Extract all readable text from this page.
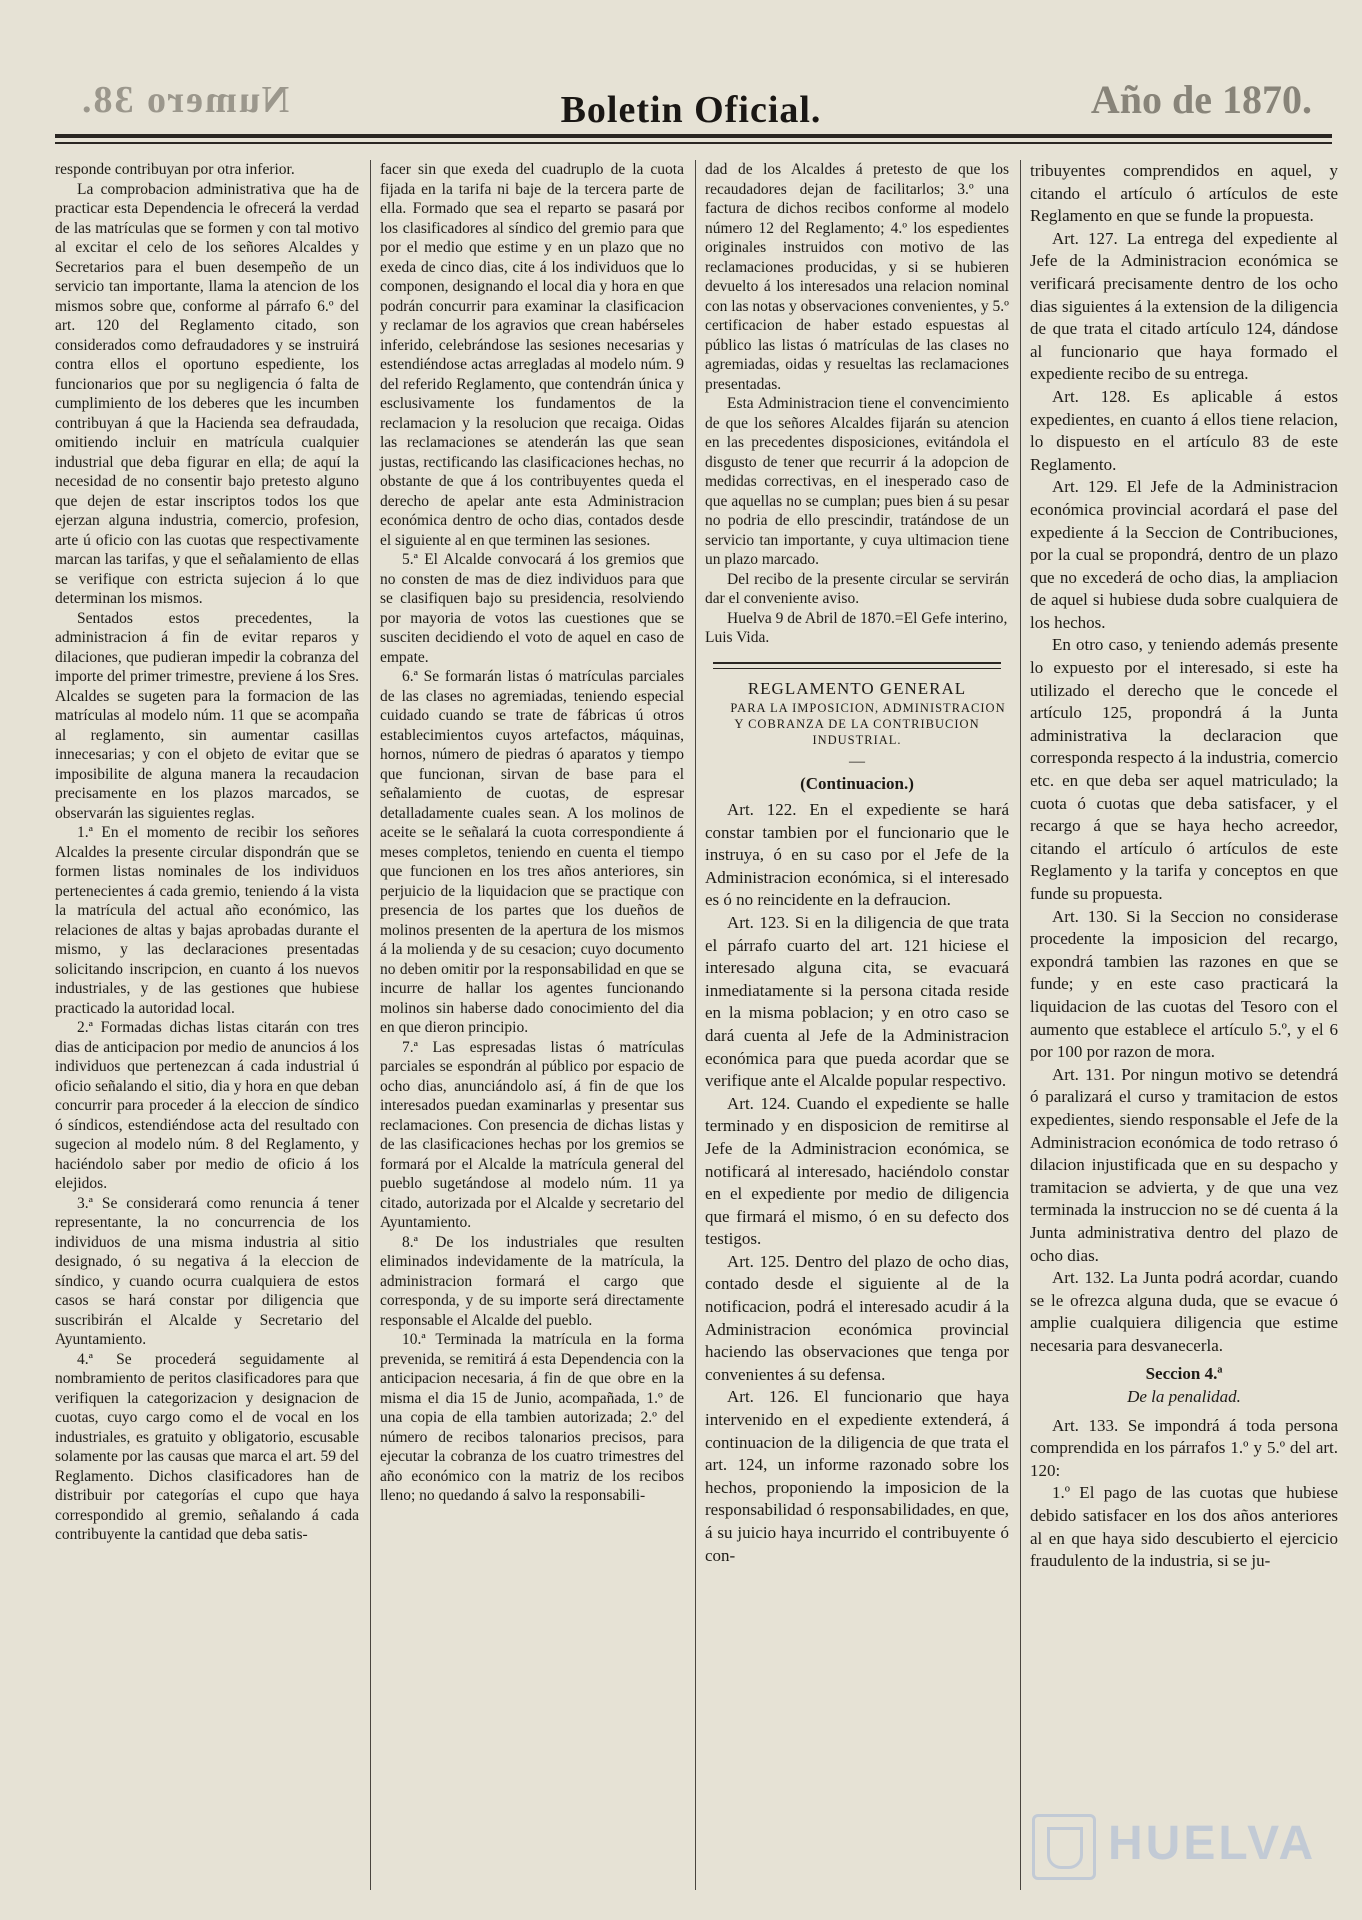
Numero 38.	Boletin Oficial.	Año de 1870.

responde contribuyan por otra inferior.

La comprobacion administrativa que ha de practicar esta Dependencia le ofrecerá la verdad de las matrículas que se formen y con tal motivo al excitar el celo de los señores Alcaldes y Secretarios para el buen desempeño de un servicio tan importante, llama la atencion de los mismos sobre que, conforme al párrafo 6.º del art. 120 del Reglamento citado, son considerados como defraudadores y se instruirá contra ellos el oportuno espediente, los funcionarios que por su negligencia ó falta de cumplimiento de los deberes que les incumben contribuyan á que la Hacienda sea defraudada, omitiendo incluir en matrícula cualquier industrial que deba figurar en ella; de aquí la necesidad de no consentir bajo pretesto alguno que dejen de estar inscriptos todos los que ejerzan alguna industria, comercio, profesion, arte ú oficio con las cuotas que respectivamente marcan las tarifas, y que el señalamiento de ellas se verifique con estricta sujecion á lo que determinan los mismos.

Sentados estos precedentes, la administracion á fin de evitar reparos y dilaciones, que pudieran impedir la cobranza del importe del primer trimestre, previene á los Sres. Alcaldes se sugeten para la formacion de las matrículas al modelo núm. 11 que se acompaña al reglamento, sin aumentar casillas innecesarias; y con el objeto de evitar que se imposibilite de alguna manera la recaudacion precisamente en los plazos marcados, se observarán las siguientes reglas.

1.ª En el momento de recibir los señores Alcaldes la presente circular dispondrán que se formen listas nominales de los individuos pertenecientes á cada gremio, teniendo á la vista la matrícula del actual año económico, las relaciones de altas y bajas aprobadas durante el mismo, y las declaraciones presentadas solicitando inscripcion, en cuanto á los nuevos industriales, y de las gestiones que hubiese practicado la autoridad local.

2.ª Formadas dichas listas citarán con tres dias de anticipacion por medio de anuncios á los individuos que pertenezcan á cada industrial ú oficio señalando el sitio, dia y hora en que deban concurrir para proceder á la eleccion de síndico ó síndicos, estendiéndose acta del resultado con sugecion al modelo núm. 8 del Reglamento, y haciéndolo saber por medio de oficio á los elejidos.

3.ª Se considerará como renuncia á tener representante, la no concurrencia de los individuos de una misma industria al sitio designado, ó su negativa á la eleccion de síndico, y cuando ocurra cualquiera de estos casos se hará constar por diligencia que suscribirán el Alcalde y Secretario del Ayuntamiento.

4.ª Se procederá seguidamente al nombramiento de peritos clasificadores para que verifiquen la categorizacion y designacion de cuotas, cuyo cargo como el de vocal en los industriales, es gratuito y obligatorio, escusable solamente por las causas que marca el art. 59 del Reglamento. Dichos clasificadores han de distribuir por categorías el cupo que haya correspondido al gremio, señalando á cada contribuyente la cantidad que deba satis-

facer sin que exeda del cuadruplo de la cuota fijada en la tarifa ni baje de la tercera parte de ella. Formado que sea el reparto se pasará por los clasificadores al síndico del gremio para que por el medio que estime y en un plazo que no exeda de cinco dias, cite á los individuos que lo componen, designando el local dia y hora en que podrán concurrir para examinar la clasificacion y reclamar de los agravios que crean habérseles inferido, celebrándose las sesiones necesarias y estendiéndose actas arregladas al modelo núm. 9 del referido Reglamento, que contendrán única y esclusivamente los fundamentos de la reclamacion y la resolucion que recaiga. Oidas las reclamaciones se atenderán las que sean justas, rectificando las clasificaciones hechas, no obstante de que á los contribuyentes queda el derecho de apelar ante esta Administracion económica dentro de ocho dias, contados desde el siguiente al en que terminen las sesiones.

5.ª El Alcalde convocará á los gremios que no consten de mas de diez individuos para que se clasifiquen bajo su presidencia, resolviendo por mayoria de votos las cuestiones que se susciten decidiendo el voto de aquel en caso de empate.

6.ª Se formarán listas ó matrículas parciales de las clases no agremiadas, teniendo especial cuidado cuando se trate de fábricas ú otros establecimientos cuyos artefactos, máquinas, hornos, número de piedras ó aparatos y tiempo que funcionan, sirvan de base para el señalamiento de cuotas, de espresar detalladamente cuales sean. A los molinos de aceite se le señalará la cuota correspondiente á meses completos, teniendo en cuenta el tiempo que funcionen en los tres años anteriores, sin perjuicio de la liquidacion que se practique con presencia de los partes que los dueños de molinos presenten de la apertura de los mismos á la molienda y de su cesacion; cuyo documento no deben omitir por la responsabilidad en que se incurre de hallar los agentes funcionando molinos sin haberse dado conocimiento del dia en que dieron principio.

7.ª Las espresadas listas ó matrículas parciales se espondrán al público por espacio de ocho dias, anunciándolo así, á fin de que los interesados puedan examinarlas y presentar sus reclamaciones. Con presencia de dichas listas y de las clasificaciones hechas por los gremios se formará por el Alcalde la matrícula general del pueblo sugetándose al modelo núm. 11 ya citado, autorizada por el Alcalde y secretario del Ayuntamiento.

8.ª De los industriales que resulten eliminados indevidamente de la matrícula, la administracion formará el cargo que corresponda, y de su importe será directamente responsable el Alcalde del pueblo.

10.ª Terminada la matrícula en la forma prevenida, se remitirá á esta Dependencia con la anticipacion necesaria, á fin de que obre en la misma el dia 15 de Junio, acompañada, 1.º de una copia de ella tambien autorizada; 2.º del número de recibos talonarios precisos, para ejecutar la cobranza de los cuatro trimestres del año económico con la matriz de los recibos lleno; no quedando á salvo la responsabili-

dad de los Alcaldes á pretesto de que los recaudadores dejan de facilitarlos; 3.º una factura de dichos recibos conforme al modelo número 12 del Reglamento; 4.º los espedientes originales instruidos con motivo de las reclamaciones producidas, y si se hubieren devuelto á los interesados una relacion nominal con las notas y observaciones convenientes, y 5.º certificacion de haber estado espuestas al público las listas ó matrículas de las clases no agremiadas, oidas y resueltas las reclamaciones presentadas.

Esta Administracion tiene el convencimiento de que los señores Alcaldes fijarán su atencion en las precedentes disposiciones, evitándola el disgusto de tener que recurrir á la adopcion de medidas correctivas, en el inesperado caso de que aquellas no se cumplan; pues bien á su pesar no podria de ello prescindir, tratándose de un servicio tan importante, y cuya ultimacion tiene un plazo marcado.

Del recibo de la presente circular se servirán dar el conveniente aviso.

Huelva 9 de Abril de 1870.=El Gefe interino, Luis Vida.

REGLAMENTO GENERAL

PARA LA IMPOSICION, ADMINISTRACION Y COBRANZA DE LA CONTRIBUCION INDUSTRIAL.

—
(Continuacion.)

Art. 122. En el expediente se hará constar tambien por el funcionario que le instruya, ó en su caso por el Jefe de la Administracion económica, si el interesado es ó no reincidente en la defraucion.

Art. 123. Si en la diligencia de que trata el párrafo cuarto del art. 121 hiciese el interesado alguna cita, se evacuará inmediatamente si la persona citada reside en la misma poblacion; y en otro caso se dará cuenta al Jefe de la Administracion económica para que pueda acordar que se verifique ante el Alcalde popular respectivo.

Art. 124. Cuando el expediente se halle terminado y en disposicion de remitirse al Jefe de la Administracion económica, se notificará al interesado, haciéndolo constar en el expediente por medio de diligencia que firmará el mismo, ó en su defecto dos testigos.

Art. 125. Dentro del plazo de ocho dias, contado desde el siguiente al de la notificacion, podrá el interesado acudir á la Administracion económica provincial haciendo las observaciones que tenga por convenientes á su defensa.

Art. 126. El funcionario que haya intervenido en el expediente extenderá, á continuacion de la diligencia de que trata el art. 124, un informe razonado sobre los hechos, proponiendo la imposicion de la responsabilidad ó responsabilidades, en que, á su juicio haya incurrido el contribuyente ó con-

tribuyentes comprendidos en aquel, y citando el artículo ó artículos de este Reglamento en que se funde la propuesta.

Art. 127. La entrega del expediente al Jefe de la Administracion económica se verificará precisamente dentro de los ocho dias siguientes á la extension de la diligencia de que trata el citado artículo 124, dándose al funcionario que haya formado el expediente recibo de su entrega.

Art. 128. Es aplicable á estos expedientes, en cuanto á ellos tiene relacion, lo dispuesto en el artículo 83 de este Reglamento.

Art. 129. El Jefe de la Administracion económica provincial acordará el pase del expediente á la Seccion de Contribuciones, por la cual se propondrá, dentro de un plazo que no excederá de ocho dias, la ampliacion de aquel si hubiese duda sobre cualquiera de los hechos.

En otro caso, y teniendo además presente lo expuesto por el interesado, si este ha utilizado el derecho que le concede el artículo 125, propondrá á la Junta administrativa la declaracion que corresponda respecto á la industria, comercio etc. en que deba ser aquel matriculado; la cuota ó cuotas que deba satisfacer, y el recargo á que se haya hecho acreedor, citando el artículo ó artículos de este Reglamento y la tarifa y conceptos en que funde su propuesta.

Art. 130. Si la Seccion no considerase procedente la imposicion del recargo, expondrá tambien las razones en que se funde; y en este caso practicará la liquidacion de las cuotas del Tesoro con el aumento que establece el artículo 5.º, y el 6 por 100 por razon de mora.

Art. 131. Por ningun motivo se detendrá ó paralizará el curso y tramitacion de estos expedientes, siendo responsable el Jefe de la Administracion económica de todo retraso ó dilacion injustificada que en su despacho y tramitacion se advierta, y de que una vez terminada la instruccion no se dé cuenta á la Junta administrativa dentro del plazo de ocho dias.

Art. 132. La Junta podrá acordar, cuando se le ofrezca alguna duda, que se evacue ó amplie cualquiera diligencia que estime necesaria para desvanecerla.

Seccion 4.ª
De la penalidad.

Art. 133. Se impondrá á toda persona comprendida en los párrafos 1.º y 5.º del art. 120:

1.º El pago de las cuotas que hubiese debido satisfacer en los dos años anteriores al en que haya sido descubierto el ejercicio fraudulento de la industria, si se ju-

HUELVA
